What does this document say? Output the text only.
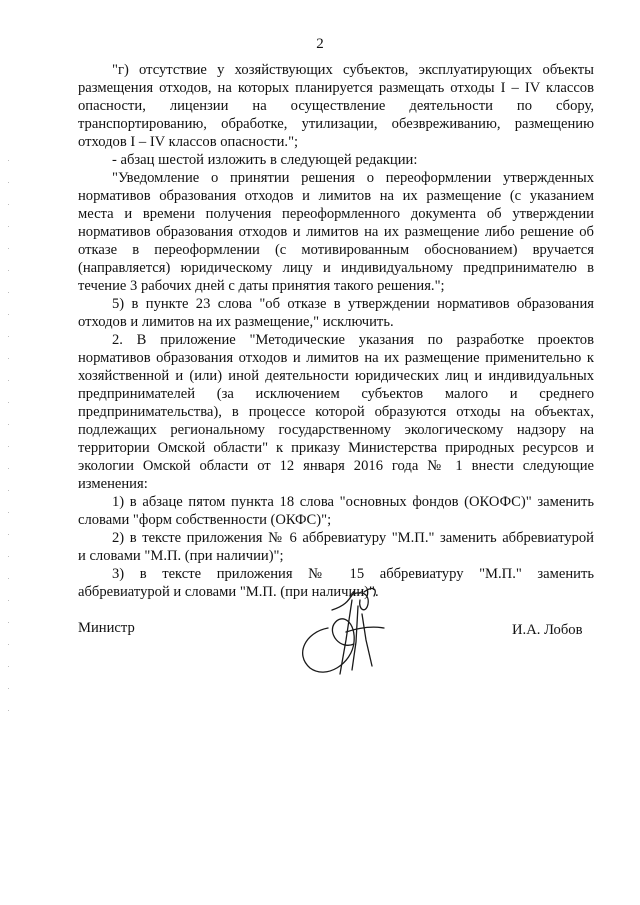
2
"г) отсутствие у хозяйствующих субъектов, эксплуатирующих объекты
размещения отходов, на которых планируется размещать отходы I – IV классов
опасности, лицензии на осуществление деятельности по сбору,
транспортированию, обработке, утилизации, обезвреживанию, размещению
отходов I – IV классов опасности.";
- абзац шестой изложить в следующей редакции:
"Уведомление о принятии решения о переоформлении утвержденных
нормативов образования отходов и лимитов на их размещение (с указанием
места и времени получения переоформленного документа об утверждении
нормативов образования отходов и лимитов на их размещение либо решение об
отказе в переоформлении (с мотивированным обоснованием) вручается
(направляется) юридическому лицу и индивидуальному предпринимателю в
течение 3 рабочих дней с даты принятия такого решения.";
5) в пункте 23 слова "об отказе в утверждении нормативов образования
отходов и лимитов на их размещение," исключить.
2. В приложение "Методические указания по разработке проектов
нормативов образования отходов и лимитов на их размещение применительно к
хозяйственной и (или) иной деятельности юридических лиц и индивидуальных
предпринимателей (за исключением субъектов малого и среднего
предпринимательства), в процессе которой образуются отходы на объектах,
подлежащих региональному государственному экологическому надзору на
территории Омской области" к приказу Министерства природных ресурсов и
экологии Омской области от 12 января 2016 года № 1 внести следующие
изменения:
1) в абзаце пятом пункта 18 слова "основных фондов (ОКОФС)" заменить
словами "форм собственности (ОКФС)";
2) в тексте приложения № 6 аббревиатуру "М.П." заменить аббревиатурой
и словами "М.П. (при наличии)";
3) в тексте приложения № 15 аббревиатуру "М.П." заменить
аббревиатурой и словами "М.П. (при наличии)".
Министр	И.А. Лобов
